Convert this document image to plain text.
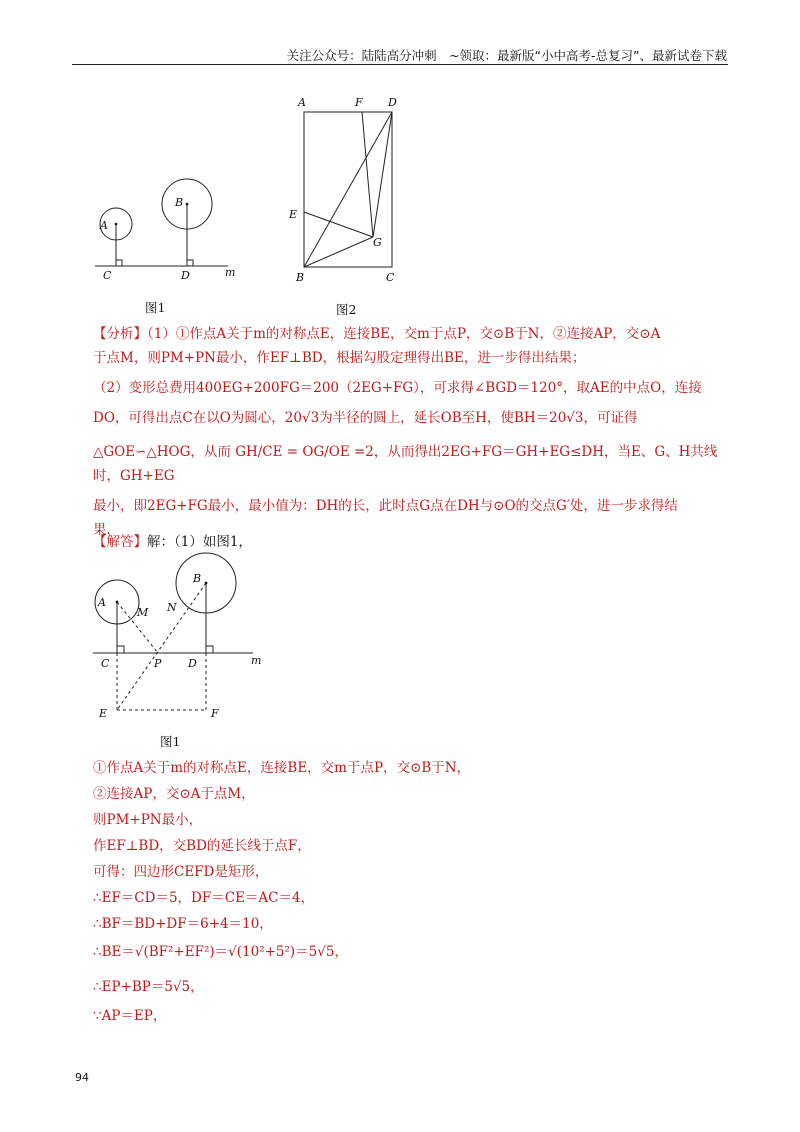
关注公众号：陆陆高分冲刺　~领取：最新版“小中高考-总复习”、最新试卷下载
A
B
C	D	m
图1
A	F D
E
G
B	C
图2
【分析】（1）①作点A关于m的对称点E，连接BE，交m于点P，交⊙B于N，②连接AP，交⊙A
于点M，则PM+PN最小，作EF⊥BD，根据勾股定理得出BE，进一步得出结果；
（2）变形总费用400EG+200FG＝200（2EG+FG），可求得∠BGD＝120°，取AE的中点O，连接
DO，可得出点C在以O为圆心，20√3为半径的圆上，延长OB至H，使BH＝20√3，可证得
△GOE∽△HOG，从而 GH/CE = OG/OE =2，从而得出2EG+FG＝GH+EG≤DH，当E、G、H共线时，GH+EG
最小，即2EG+FG最小，最小值为：DH的长，此时点G点在DH与⊙O的交点G′处，进一步求得结
果．
【解答】解：（1）如图1，
A
B
M N
C	P D	m
E	F
图1
①作点A关于m的对称点E，连接BE，交m于点P，交⊙B于N，
②连接AP，交⊙A于点M，
则PM+PN最小，
作EF⊥BD，交BD的延长线于点F，
可得：四边形CEFD是矩形，
∴EF＝CD＝5，DF＝CE＝AC＝4，
∴BF＝BD+DF＝6+4＝10，
∴BE＝√(BF²+EF²)＝√(10²+5²)＝5√5，
∴EP+BP＝5√5，
∵AP＝EP，
94
